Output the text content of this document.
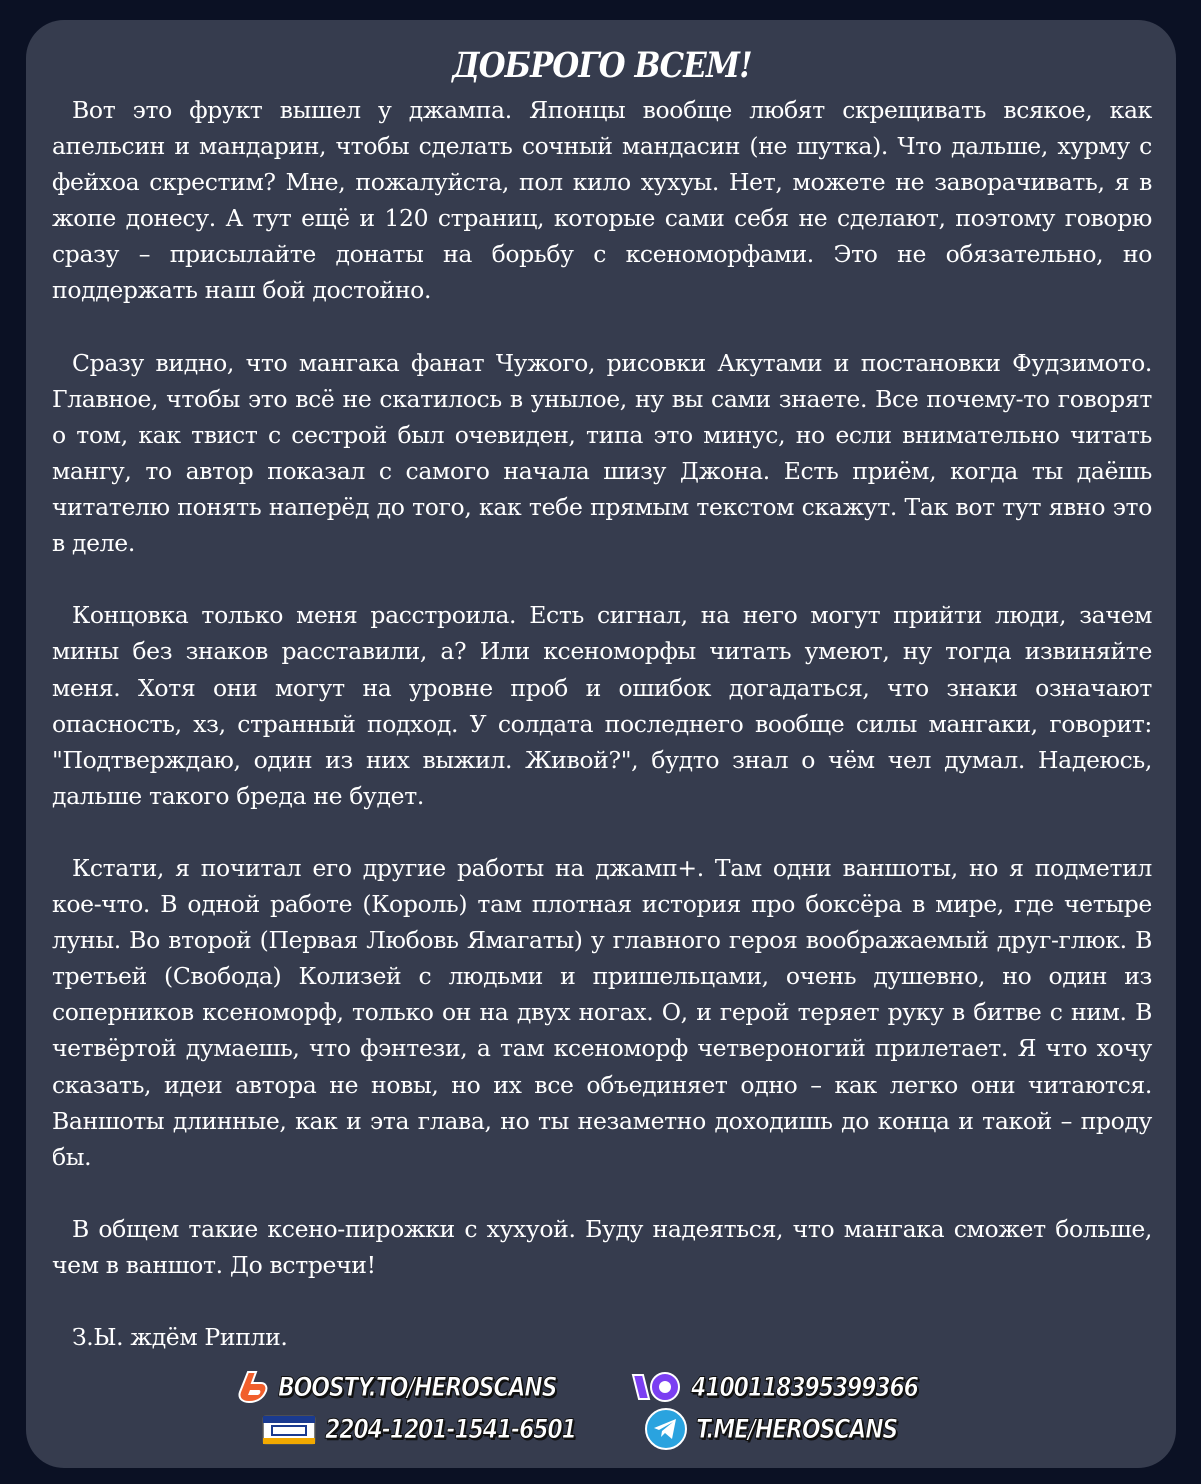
ДОБРОГО ВСЕМ!

Вот это фрукт вышел у джампа. Японцы вообще любят скрещивать всякое, как апельсин и мандарин, чтобы сделать сочный мандасин (не шутка). Что дальше, хурму с фейхоа скрестим? Мне, пожалуйста, пол кило хухуы. Нет, можете не заворачивать, я в жопе донесу. А тут ещё и 120 страниц, которые сами себя не сделают, поэтому говорю сразу – присылайте донаты на борьбу с ксеноморфами. Это не обязательно, но поддержать наш бой достойно.

Сразу видно, что мангака фанат Чужого, рисовки Акутами и постановки Фудзимото. Главное, чтобы это всё не скатилось в унылое, ну вы сами знаете. Все почему-то говорят о том, как твист с сестрой был очевиден, типа это минус, но если внимательно читать мангу, то автор показал с самого начала шизу Джона. Есть приём, когда ты даёшь читателю понять наперёд до того, как тебе прямым текстом скажут. Так вот тут явно это в деле.

Концовка только меня расстроила. Есть сигнал, на него могут прийти люди, зачем мины без знаков расставили, а? Или ксеноморфы читать умеют, ну тогда извиняйте меня. Хотя они могут на уровне проб и ошибок догадаться, что знаки означают опасность, хз, странный подход. У солдата последнего вообще силы мангаки, говорит: "Подтверждаю, один из них выжил. Живой?", будто знал о чём чел думал. Надеюсь, дальше такого бреда не будет.

Кстати, я почитал его другие работы на джамп+. Там одни ваншоты, но я подметил кое-что. В одной работе (Король) там плотная история про боксёра в мире, где четыре луны. Во второй (Первая Любовь Ямагаты) у главного героя воображаемый друг-глюк. В третьей (Свобода) Колизей с людьми и пришельцами, очень душевно, но один из соперников ксеноморф, только он на двух ногах. О, и герой теряет руку в битве с ним. В четвёртой думаешь, что фэнтези, а там ксеноморф четвероногий прилетает. Я что хочу сказать, идеи автора не новы, но их все объединяет одно – как легко они читаются. Ваншоты длинные, как и эта глава, но ты незаметно доходишь до конца и такой – проду бы.

В общем такие ксено-пирожки с хухуой. Буду надеяться, что мангака сможет больше, чем в ваншот. До встречи!

З.Ы. ждём Рипли.

BOOSTY.TO/HEROSCANS	4100118395399366
2204-1201-1541-6501	T.ME/HEROSCANS
